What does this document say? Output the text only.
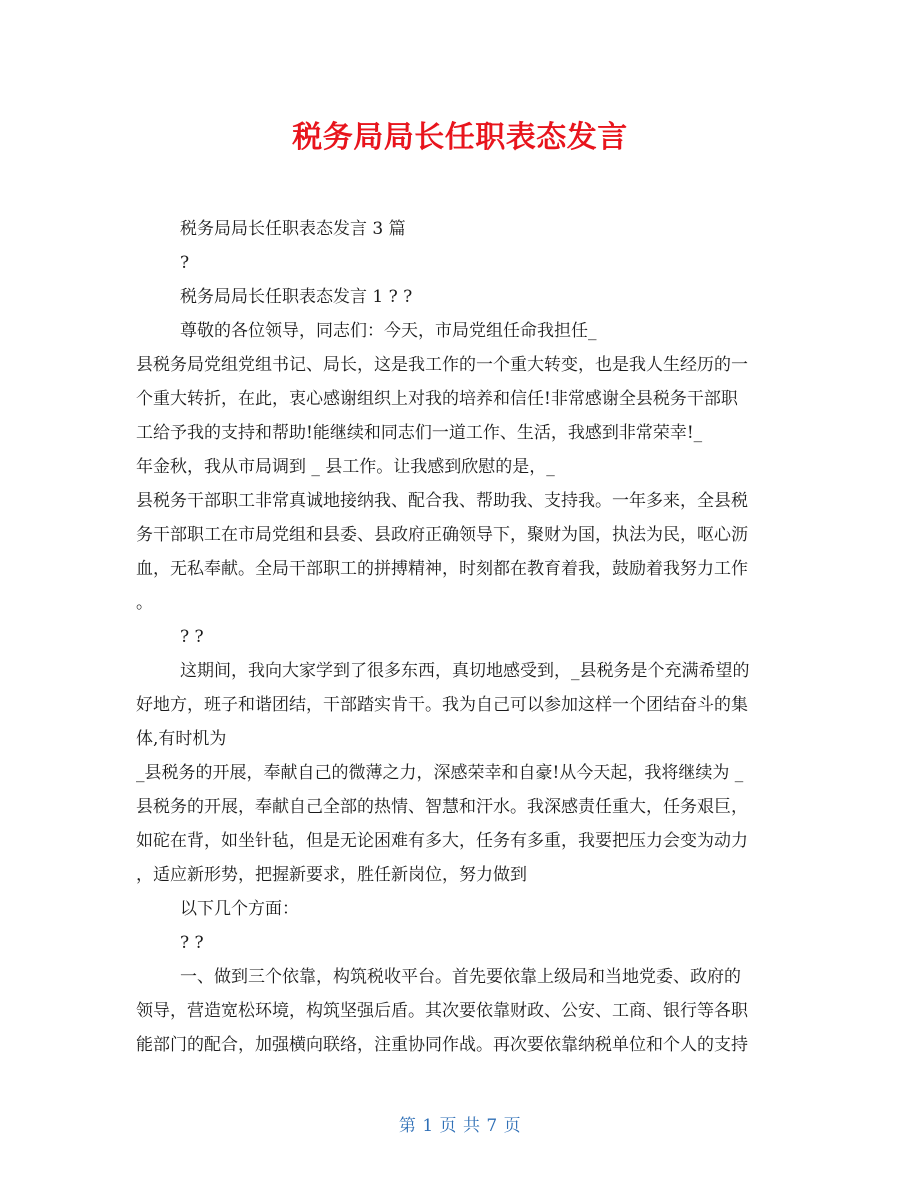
税务局局长任职表态发言
税务局局长任职表态发言 3 篇
?
税务局局长任职表态发言 1 ? ?
尊敬的各位领导，同志们：今天，市局党组任命我担任_
县税务局党组党组书记、局长，这是我工作的一个重大转变，也是我人生经历的一
个重大转折，在此，衷心感谢组织上对我的培养和信任!非常感谢全县税务干部职
工给予我的支持和帮助!能继续和同志们一道工作、生活，我感到非常荣幸!_
年金秋，我从市局调到 _ 县工作。让我感到欣慰的是，_
县税务干部职工非常真诚地接纳我、配合我、帮助我、支持我。一年多来，全县税
务干部职工在市局党组和县委、县政府正确领导下，聚财为国，执法为民，呕心沥
血，无私奉献。全局干部职工的拼搏精神，时刻都在教育着我，鼓励着我努力工作
。
? ?
这期间，我向大家学到了很多东西，真切地感受到，_县税务是个充满希望的
好地方，班子和谐团结，干部踏实肯干。我为自己可以参加这样一个团结奋斗的集
体,有时机为
_县税务的开展，奉献自己的微薄之力，深感荣幸和自豪!从今天起，我将继续为 _
县税务的开展，奉献自己全部的热情、智慧和汗水。我深感责任重大，任务艰巨，
如砣在背，如坐针毡，但是无论困难有多大，任务有多重，我要把压力会变为动力
，适应新形势，把握新要求，胜任新岗位，努力做到
以下几个方面：
? ?
一、做到三个依靠，构筑税收平台。首先要依靠上级局和当地党委、政府的
领导，营造宽松环境，构筑坚强后盾。其次要依靠财政、公安、工商、银行等各职
能部门的配合，加强横向联络，注重协同作战。再次要依靠纳税单位和个人的支持
第 1 页 共 7 页
